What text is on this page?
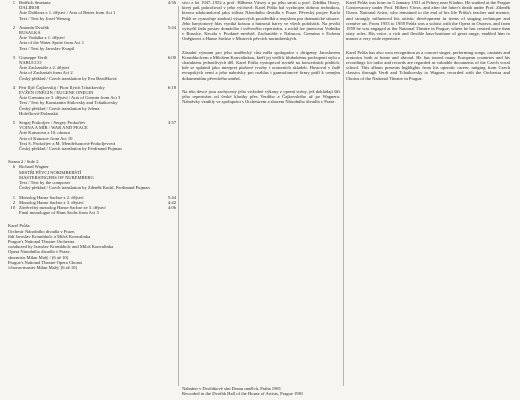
1 Bedřich Smetana
DALIBOR
Árie Dalibora z 1. dějství / Aria of Benes from Act 1
Text / Text by Josef Wenzig
4:56
2 Antonín Dvořák
RUSALKA
Árie Vodníka z 1. dějství
Aria of the Water Sprite from Act 1
Text / Text by Jaroslav Kvapil
5:44
3 Giuseppe Verdi
NABUCCO
Árie Zachariáše z 2. dějství
Aria of Zachariah from Act 2
Český překlad / Czech translation by Eva Bezděková
6:00
4 Petr Iljič Čajkovskij / Piotr Ilyich Tchaikovsky
EVŽEN ONĚGIN / EUGENE ONEGIN
Árie Gremina ze 3. dějství / Aria of Gremin from Act 3
Text / Text by Konstantin Shilovsky and Tchaikovsky
Český překlad / Czech translation by Jelena
Holečková-Dolanská
6:18
5 Sergej Prokofjev / Sergey Prokofiev
VOJNA A MÍR / WAR AND PEACE
Árie Kutuzova z 10. obrazu
Aria of Kutuzov from Act 10
Text S. Prokofjev a M. Mendelsonová-Prokofjevová
Český překlad / Czech translation by Ferdinand Pujman
3:57
Strana 2 / Side 2
6 Richard Wagner
MISTŘI PĚVCI NORIMBERŠTÍ
MASTERSINGERS OF NUREMBERG
Text / Text by the composer
Český překlad / Czech translation by Zdeněk Knittl, Ferdinand Pujman
1 Monolog Hanse Sachse z 2. dějství	5:44
2 Monolog Hanse Sachse z 3. dějství	4:42
10 Závěrečný monolog Hanse Sachse ze 3. dějství
Final monologue of Hans Sachs from Act 3
4:06
Karel Průša
Orchestr Národního divadla v Praze,
řídí Jaroslav Krombholc a Miloš Konvalinka
Prague's National Theatre Orchestra
conducted by Jaroslav Krombholc and Miloš Konvalinka
Opera Národního divadla v Praze,
sbormistr Milan Malý / (6 až 10)
Prague's National Theatre Opera Chorus
/chorus-master Milan Malý/ (6 až 10)

stvo z let 1947–1952 a prof. Hilberta Váwry a po jeho smrti u prof. Zdeňka Otavy, který pak pokračoval v jeho výchově. Karel Průša bal vyzbrojen dobrou technikou, kterou zdokonaloval jako sólista Národního divadla v Praze. Pěvecký projev Karla Průši se vyznačuje znalostí výrazových prostředků a smyslem pro dramatické situace. Jeho barytonový hlas vyniká krásou a hutností barvy ve všech polohách. Na jevišti vytvořil řadu postav domácího i světového repertoáru, z nichž lze jmenovat Vodníka v Rusalce, Kecala v Prodané nevěstě, Zachariáše v Nabuccu, Gremina v Evženu Oněginovi a Hanse Sachse v Mistrech pěvcích norimberských.

Zásadní význam pro jeho umělecký růst měla spolupráce s dirigenty Jaroslavem Krombholcem a Milošem Konvalinkou, kteří jej vedli k hlubokému pochopení stylu a charakteru jednotlivých děl. Karel Průša vystupoval rovněž na koncertních pódiích, kde se uplatnil jako interpret písňové tvorby i oratorních skladeb. Hostoval v řadě evropských zemí a jeho nahrávky pro rozhlas i gramofonové firmy patří k cenným dokumentům pěveckého umění.

Na této desce jsou zachyceny jeho vrcholné výkony z operní scény, jež dokládají šíři jeho repertoáru od české klasiky přes Verdiho a Čajkovského až po Wagnera. Nahrávky vznikly ve spolupráci s Orchestrem a sborem Národního divadla v Praze.

Karel Průša was born on 5 January 1931 at Pchery near Kladno. He studied at the Prague Conservatory under Prof. Hilbert Vávra, and after the latter's death under Prof. Zdeněk Otava. National Artist, who remained to the end of his life Průša's teacher and mentor, and strongly influenced his artistic development in terms of singing technique and creative art. From 1953 to 1958 Průša was a soloist with the Opera in Ostrava, and from 1959 he was engaged at the National Theatre in Prague, where he has created more than sixty roles. His voice, a rich and flexible bass-baritone of great range, enabled him to master a very wide repertoire.

Karel Průša has also won recognition as a concert singer, performing songs, cantatas and oratorios both at home and abroad. He has toured many European countries and his recordings for radio and records are regarded as valuable documents of the Czech vocal school. This album presents highlights from his operatic career, ranging from Czech classics through Verdi and Tchaikovsky to Wagner, recorded with the Orchestra and Chorus of the National Theatre in Prague.

Nahráno v Dvořákově síni Domu umělců, Praha 1981
Recorded in the Dvořák Hall of the House of Artists, Prague 1981
